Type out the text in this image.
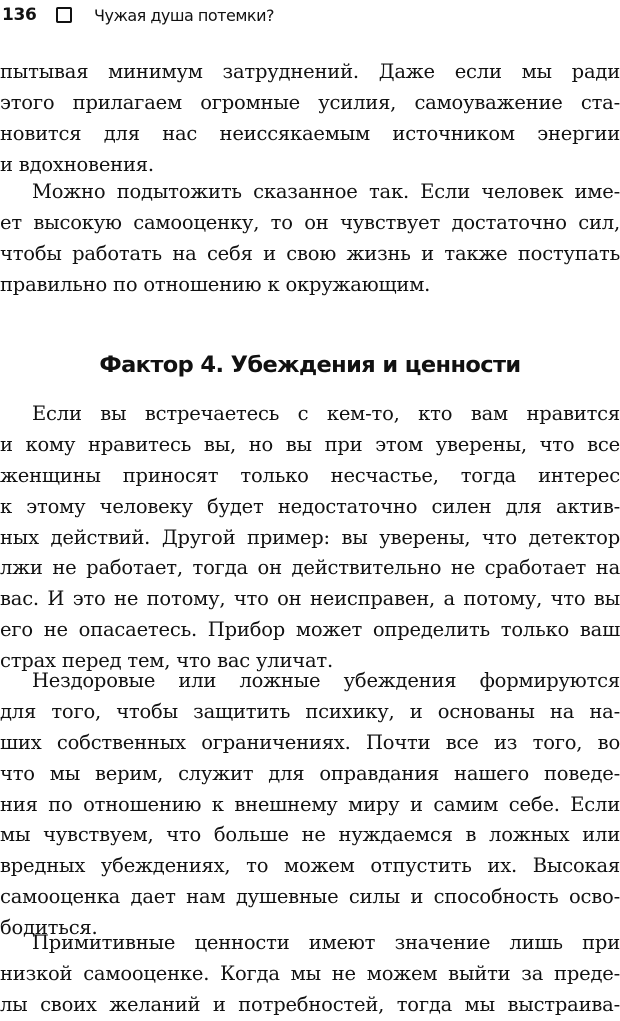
136	Чужая душа потемки?
пытывая минимум затруднений. Даже если мы ради
этого прилагаем огромные усилия, самоуважение ста-
новится для нас неиссякаемым источником энергии
и вдохновения.
Можно подытожить сказанное так. Если человек име-
ет высокую самооценку, то он чувствует достаточно сил,
чтобы работать на себя и свою жизнь и также поступать
правильно по отношению к окружающим.
Фактор 4. Убеждения и ценности
Если вы встречаетесь с кем-то, кто вам нравится
и кому нравитесь вы, но вы при этом уверены, что все
женщины приносят только несчастье, тогда интерес
к этому человеку будет недостаточно силен для актив-
ных действий. Другой пример: вы уверены, что детектор
лжи не работает, тогда он действительно не сработает на
вас. И это не потому, что он неисправен, а потому, что вы
его не опасаетесь. Прибор может определить только ваш
страх перед тем, что вас уличат.
Нездоровые или ложные убеждения формируются
для того, чтобы защитить психику, и основаны на на-
ших собственных ограничениях. Почти все из того, во
что мы верим, служит для оправдания нашего поведе-
ния по отношению к внешнему миру и самим себе. Если
мы чувствуем, что больше не нуждаемся в ложных или
вредных убеждениях, то можем отпустить их. Высокая
самооценка дает нам душевные силы и способность осво-
бодиться.
Примитивные ценности имеют значение лишь при
низкой самооценке. Когда мы не можем выйти за преде-
лы своих желаний и потребностей, тогда мы выстраива-
